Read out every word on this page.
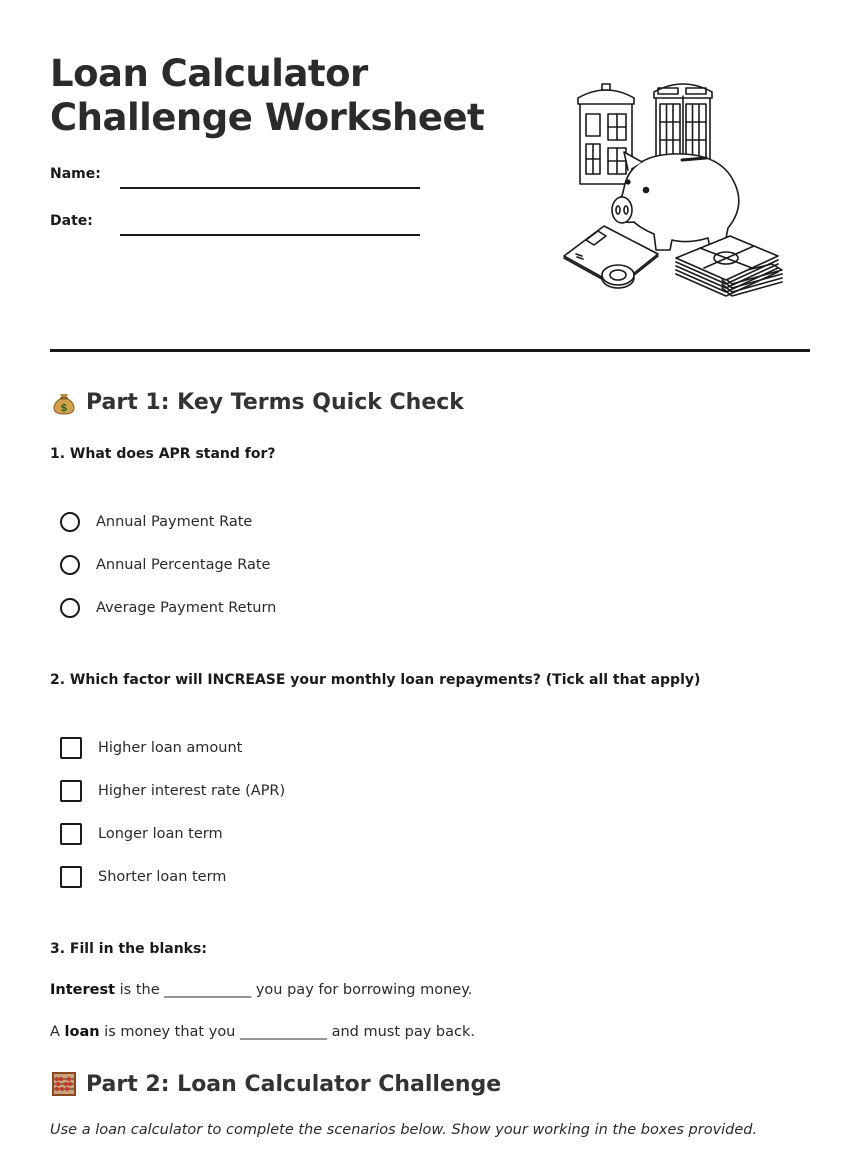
Loan Calculator
Challenge Worksheet
Name:
Date:
$ Part 1: Key Terms Quick Check

1. What does APR stand for?

Annual Payment Rate
Annual Percentage Rate
Average Payment Return

2. Which factor will INCREASE your monthly loan repayments? (Tick all that apply)

Higher loan amount
Higher interest rate (APR)
Longer loan term
Shorter loan term

3. Fill in the blanks:

Interest is the ____________ you pay for borrowing money.

A loan is money that you ____________ and must pay back.

Part 2: Loan Calculator Challenge

Use a loan calculator to complete the scenarios below. Show your working in the boxes provided.
